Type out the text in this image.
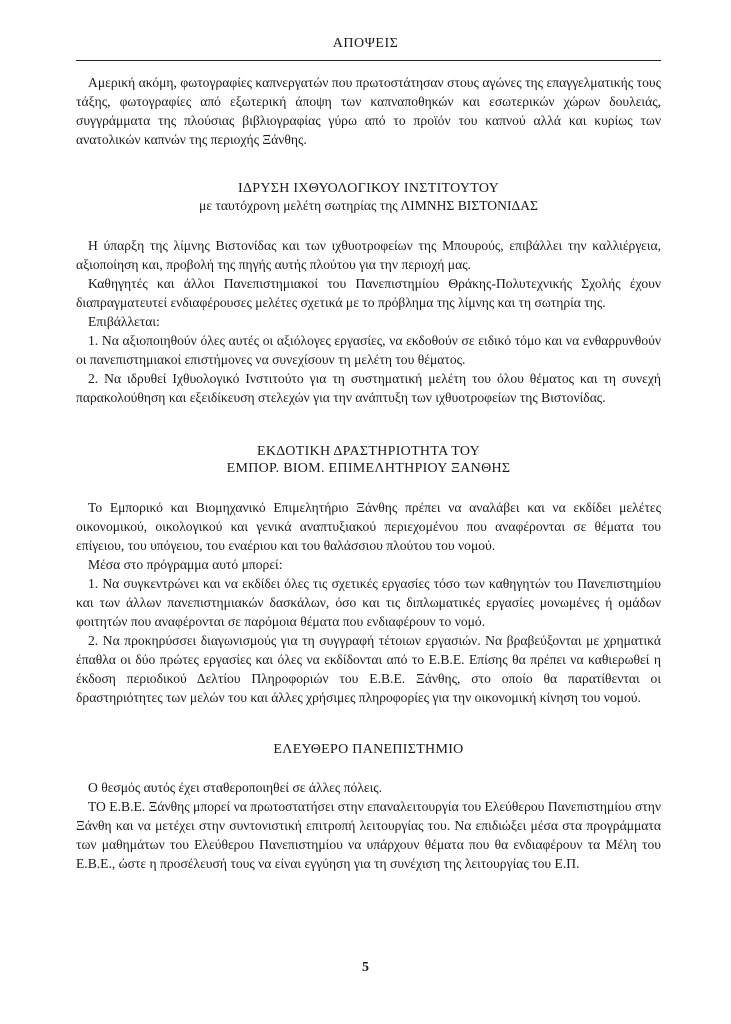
ΑΠΟΨΕΙΣ

Αμερική ακόμη, φωτογραφίες καπνεργατών που πρωτοστάτησαν στους αγώνες της επαγγελματικής τους τάξης, φωτογραφίες από εξωτερική άποψη των καπναποθηκών και εσωτερικών χώρων δουλειάς, συγγράμματα της πλούσιας βιβλιογραφίας γύρω από το προϊόν του καπνού αλλά και κυρίως των ανατολικών καπνών της περιοχής Ξάνθης.

ΙΔΡΥΣΗ ΙΧΘΥΟΛΟΓΙΚΟΥ ΙΝΣΤΙΤΟΥΤΟΥ
με ταυτόχρονη μελέτη σωτηρίας της ΛΙΜΝΗΣ ΒΙΣΤΟΝΙΔΑΣ

Η ύπαρξη της λίμνης Βιστονίδας και των ιχθυοτροφείων της Μπουρούς, επιβάλλει την καλλιέργεια, αξιοποίηση και, προβολή της πηγής αυτής πλούτου για την περιοχή μας.

Καθηγητές και άλλοι Πανεπιστημιακοί του Πανεπιστημίου Θράκης-Πολυτεχνικής Σχολής έχουν διαπραγματευτεί ενδιαφέρουσες μελέτες σχετικά με το πρόβλημα της λίμνης και τη σωτηρία της.

Επιβάλλεται:

1. Να αξιοποιηθούν όλες αυτές οι αξιόλογες εργασίες, να εκδοθούν σε ειδικό τόμο και να ενθαρρυνθούν οι πανεπιστημιακοί επιστήμονες να συνεχίσουν τη μελέτη του θέματος.

2. Να ιδρυθεί Ιχθυολογικό Ινστιτούτο για τη συστηματική μελέτη του όλου θέματος και τη συνεχή παρακολούθηση και εξειδίκευση στελεχών για την ανάπτυξη των ιχθυοτροφείων της Βιστονίδας.

ΕΚΔΟΤΙΚΗ ΔΡΑΣΤΗΡΙΟΤΗΤΑ ΤΟΥ
ΕΜΠΟΡ. ΒΙΟΜ. ΕΠΙΜΕΛΗΤΗΡΙΟΥ ΞΑΝΘΗΣ

Το Εμπορικό και Βιομηχανικό Επιμελητήριο Ξάνθης πρέπει να αναλάβει και να εκδίδει μελέτες οικονομικού, οικολογικού και γενικά αναπτυξιακού περιεχομένου που αναφέρονται σε θέματα του επίγειου, του υπόγειου, του εναέριου και του θαλάσσιου πλούτου του νομού.

Μέσα στο πρόγραμμα αυτό μπορεί:

1. Να συγκεντρώνει και να εκδίδει όλες τις σχετικές εργασίες τόσο των καθηγητών του Πανεπιστημίου και των άλλων πανεπιστημιακών δασκάλων, όσο και τις διπλωματικές εργασίες μονωμένες ή ομάδων φοιτητών που αναφέρονται σε παρόμοια θέματα που ενδιαφέρουν το νομό.

2. Να προκηρύσσει διαγωνισμούς για τη συγγραφή τέτοιων εργασιών. Να βραβεύξονται με χρηματικά έπαθλα οι δύο πρώτες εργασίες και όλες να εκδίδονται από το Ε.Β.Ε. Επίσης θα πρέπει να καθιερωθεί η έκδοση περιοδικού Δελτίου Πληροφοριών του Ε.Β.Ε. Ξάνθης, στο οποίο θα παρατίθενται οι δραστηριότητες των μελών του και άλλες χρήσιμες πληροφορίες για την οικονομική κίνηση του νομού.

ΕΛΕΥΘΕΡΟ ΠΑΝΕΠΙΣΤΗΜΙΟ

Ο θεσμός αυτός έχει σταθεροποιηθεί σε άλλες πόλεις.

ΤΟ Ε.Β.Ε. Ξάνθης μπορεί να πρωτοστατήσει στην επαναλειτουργία του Ελεύθερου Πανεπιστημίου στην Ξάνθη και να μετέχει στην συντονιστική επιτροπή λειτουργίας του. Να επιδιώξει μέσα στα προγράμματα των μαθημάτων του Ελεύθερου Πανεπιστημίου να υπάρχουν θέματα που θα ενδιαφέρουν τα Μέλη του Ε.Β.Ε., ώστε η προσέλευσή τους να είναι εγγύηση για τη συνέχιση της λειτουργίας του Ε.Π.

5
